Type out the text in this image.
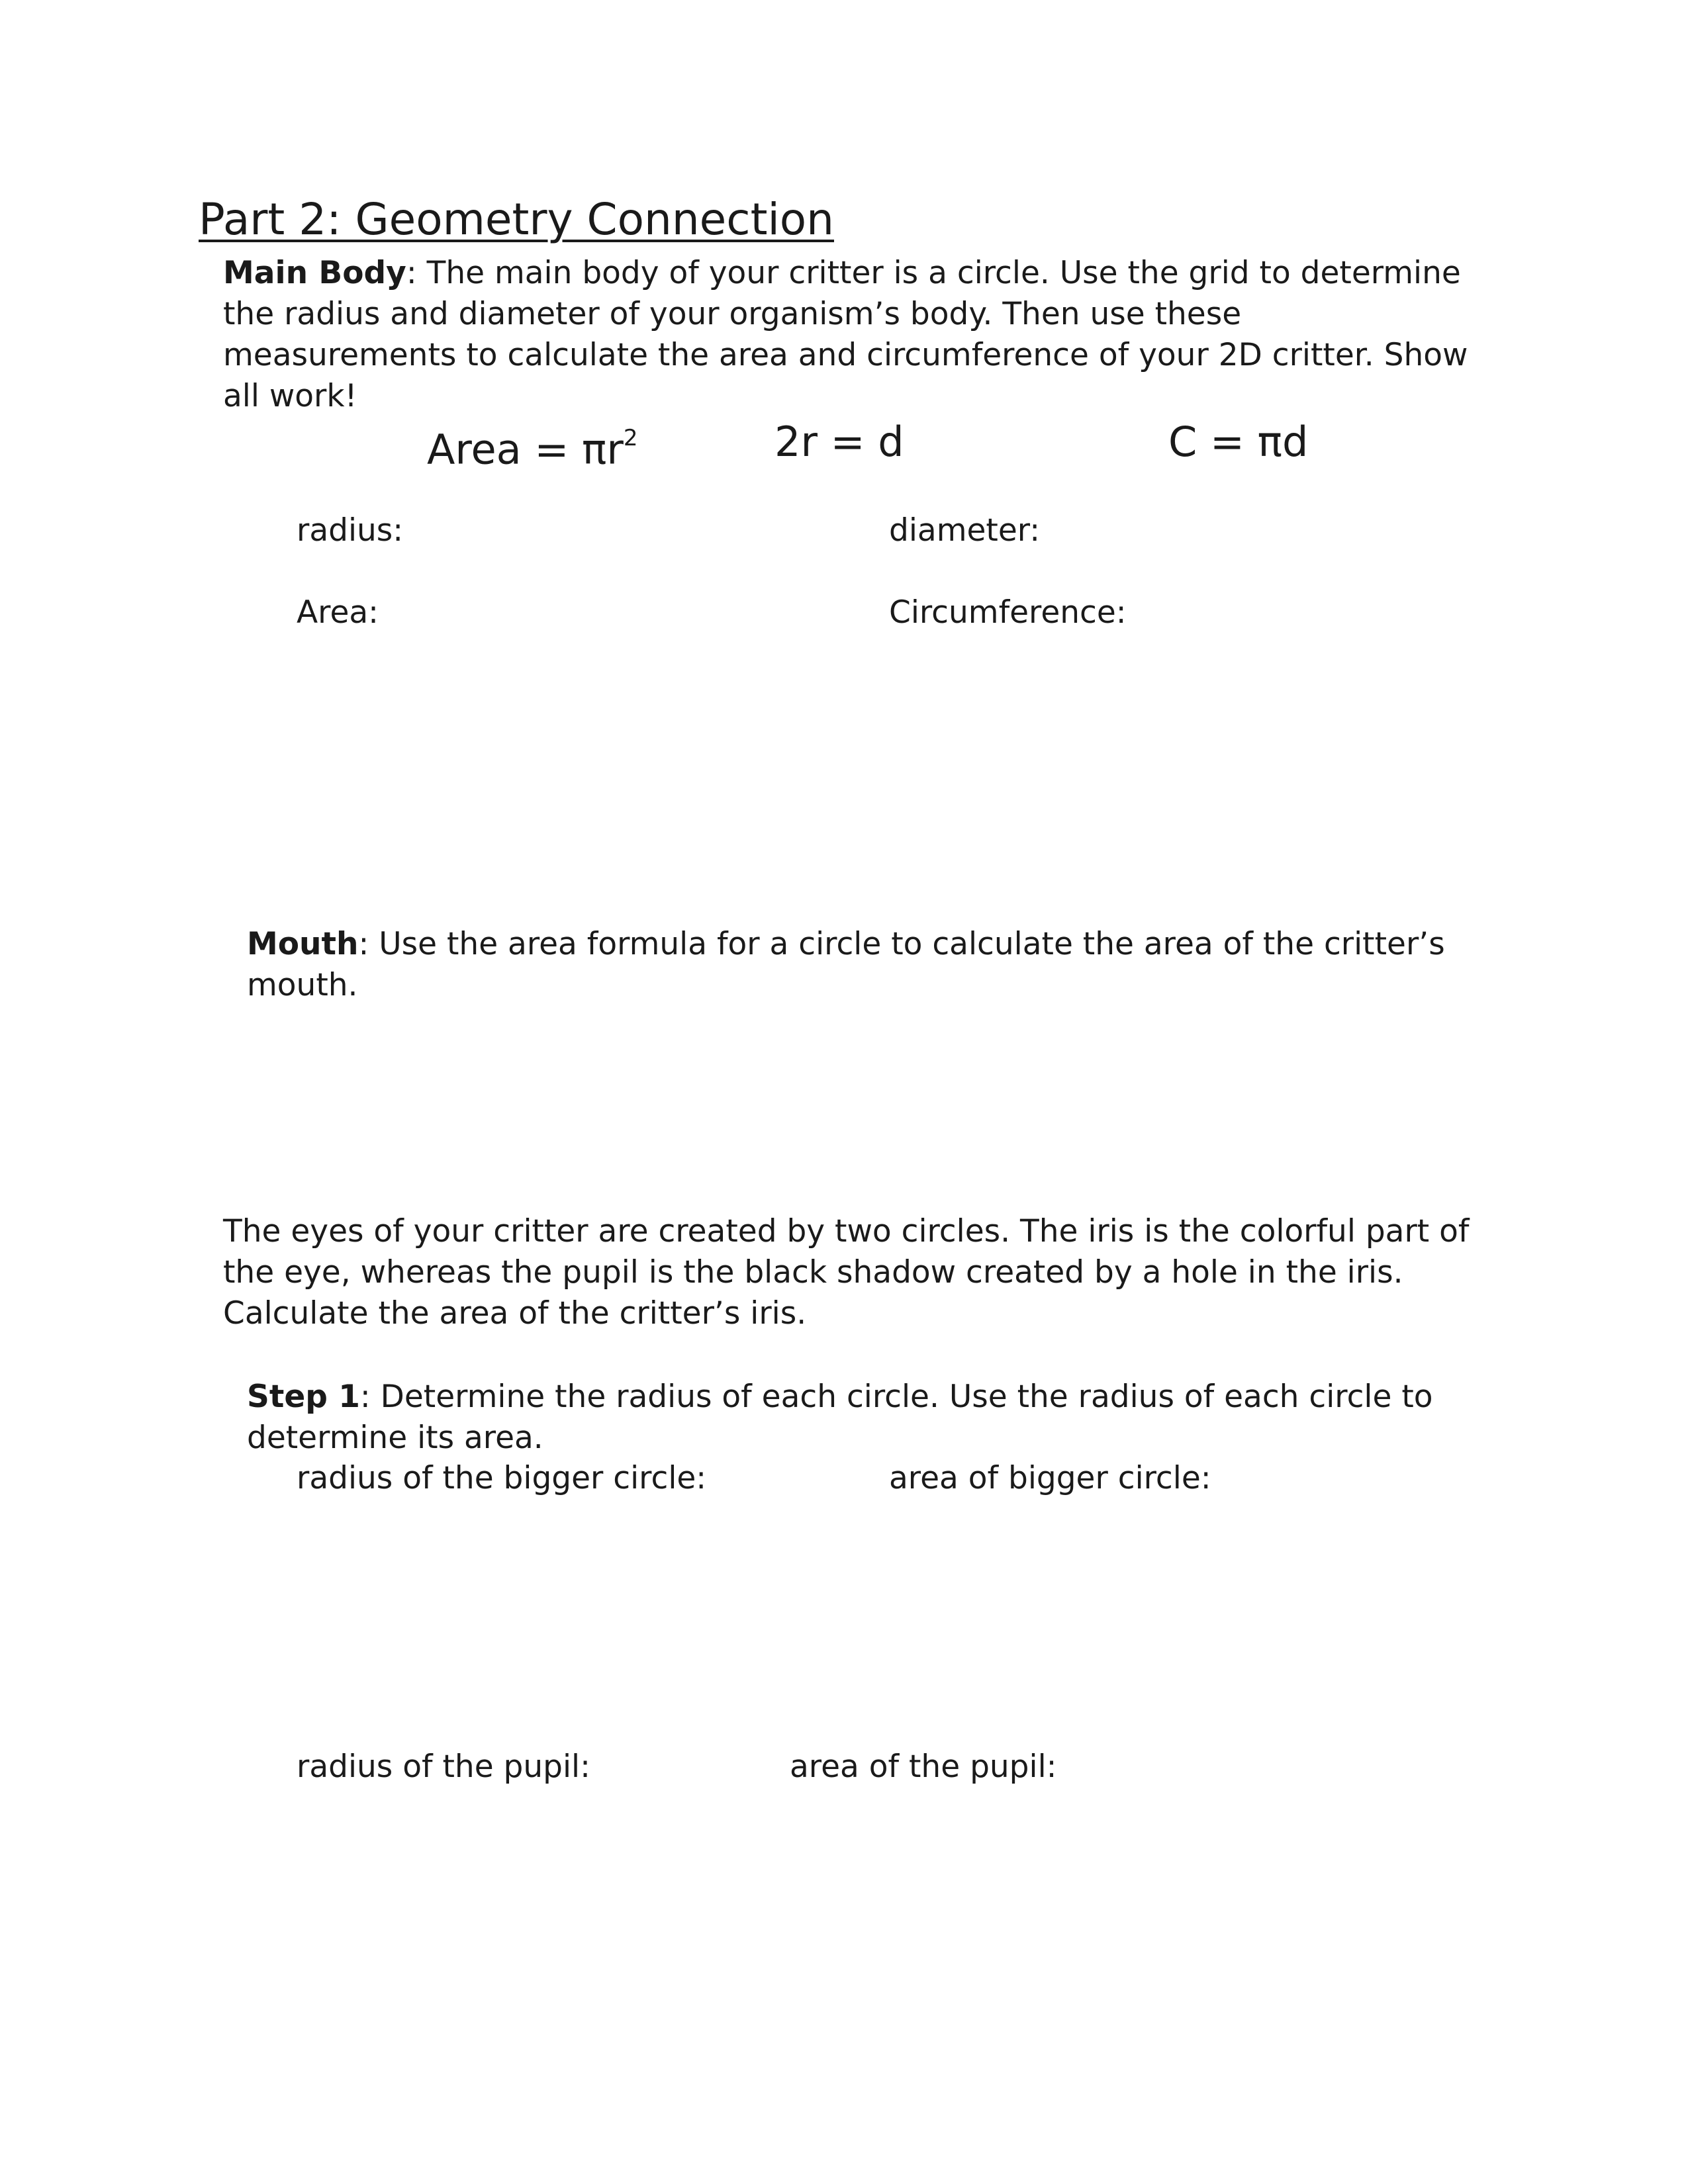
Part 2: Geometry Connection
Main Body: The main body of your critter is a circle. Use the grid to determine
the radius and diameter of your organism’s body. Then use these
measurements to calculate the area and circumference of your 2D critter. Show
all work!
Area = $\pi r^2$	2r = d	C = πd
radius:	diameter:
Area:	Circumference:
Mouth: Use the area formula for a circle to calculate the area of the critter’s
mouth.
The eyes of your critter are created by two circles. The iris is the colorful part of
the eye, whereas the pupil is the black shadow created by a hole in the iris.
Calculate the area of the critter’s iris.
Step 1: Determine the radius of each circle. Use the radius of each circle to
determine its area.
radius of the bigger circle:	area of bigger circle:
radius of the pupil:	area of the pupil:
